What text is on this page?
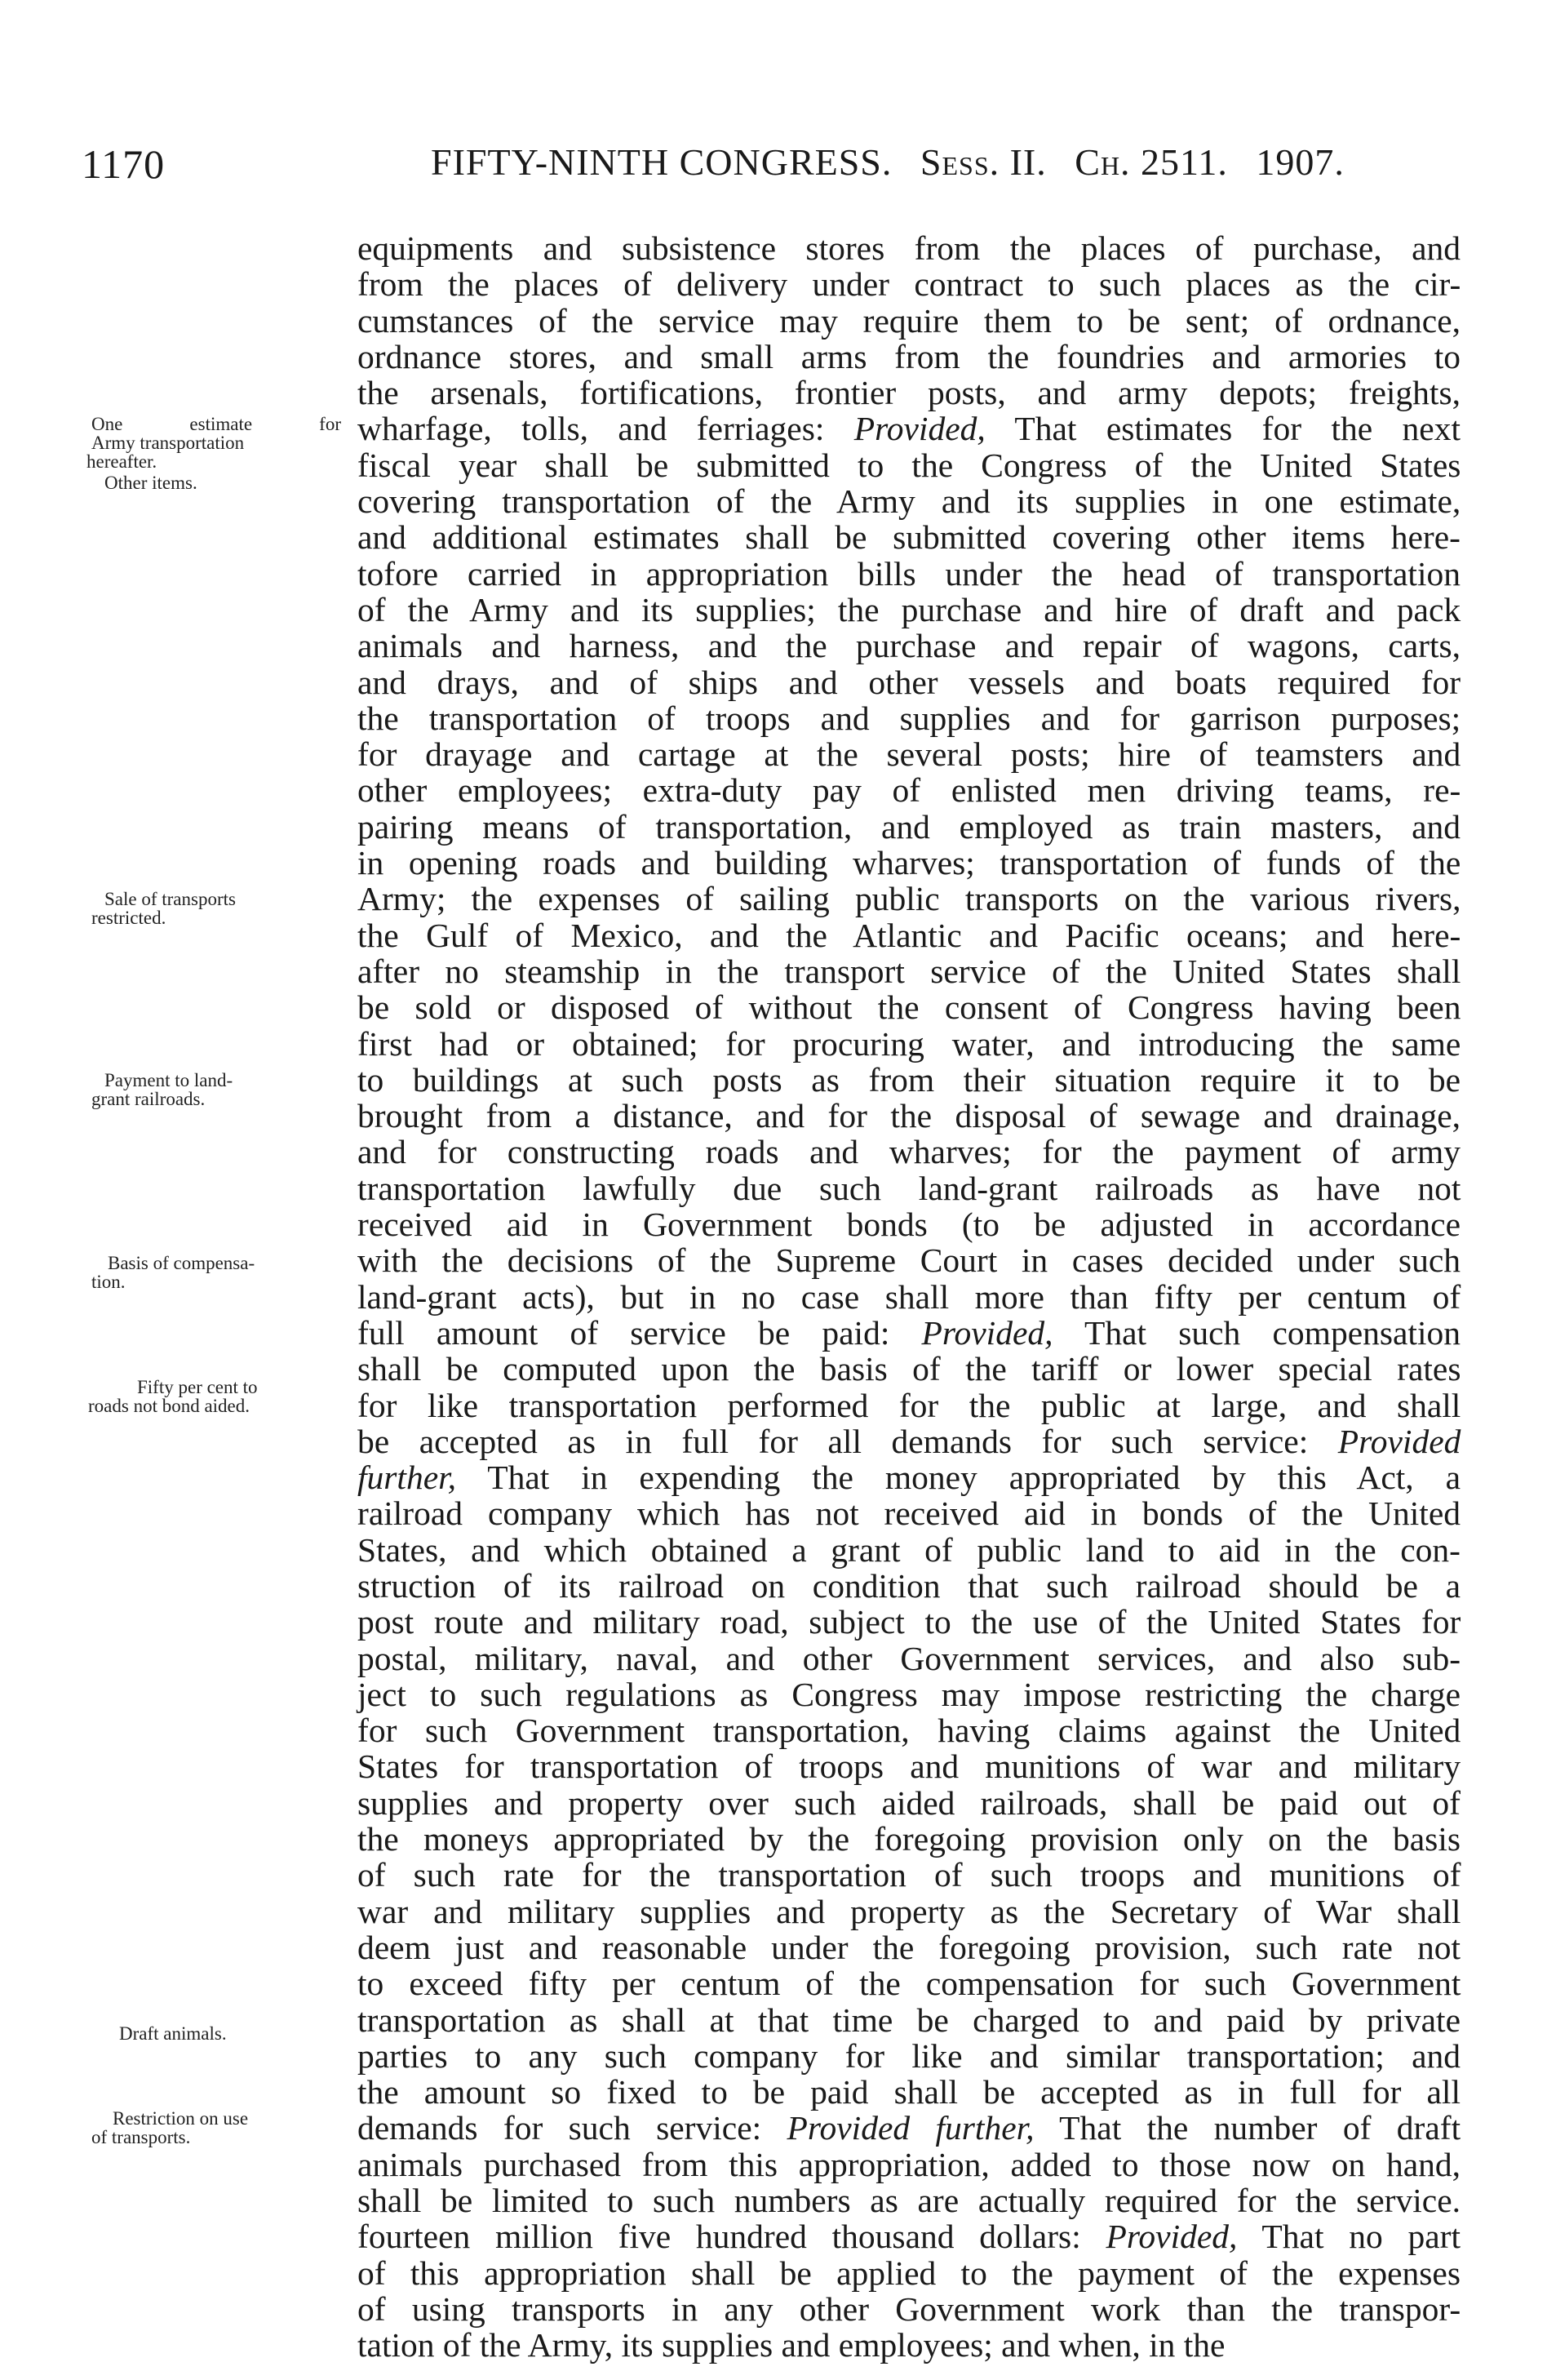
1170	FIFTY-NINTH CONGRESS. Sess. II. Ch. 2511. 1907.
One estimate for
Army transportation
hereafter.
Other items.
Sale of transports
restricted.
Payment to land-
grant railroads.
Basis of compensa-
tion.
Fifty per cent to
roads not bond aided.
Draft animals.
Restriction on use
of transports.
equipments and subsistence stores from the places of purchase, and
from the places of delivery under contract to such places as the cir-
cumstances of the service may require them to be sent; of ordnance,
ordnance stores, and small arms from the foundries and armories to
the arsenals, fortifications, frontier posts, and army depots; freights,
wharfage, tolls, and ferriages: Provided, That estimates for the next
fiscal year shall be submitted to the Congress of the United States
covering transportation of the Army and its supplies in one estimate,
and additional estimates shall be submitted covering other items here-
tofore carried in appropriation bills under the head of transportation
of the Army and its supplies; the purchase and hire of draft and pack
animals and harness, and the purchase and repair of wagons, carts,
and drays, and of ships and other vessels and boats required for
the transportation of troops and supplies and for garrison purposes;
for drayage and cartage at the several posts; hire of teamsters and
other employees; extra-duty pay of enlisted men driving teams, re-
pairing means of transportation, and employed as train masters, and
in opening roads and building wharves; transportation of funds of the
Army; the expenses of sailing public transports on the various rivers,
the Gulf of Mexico, and the Atlantic and Pacific oceans; and here-
after no steamship in the transport service of the United States shall
be sold or disposed of without the consent of Congress having been
first had or obtained; for procuring water, and introducing the same
to buildings at such posts as from their situation require it to be
brought from a distance, and for the disposal of sewage and drainage,
and for constructing roads and wharves; for the payment of army
transportation lawfully due such land-grant railroads as have not
received aid in Government bonds (to be adjusted in accordance
with the decisions of the Supreme Court in cases decided under such
land-grant acts), but in no case shall more than fifty per centum of
full amount of service be paid: Provided, That such compensation
shall be computed upon the basis of the tariff or lower special rates
for like transportation performed for the public at large, and shall
be accepted as in full for all demands for such service: Provided
further, That in expending the money appropriated by this Act, a
railroad company which has not received aid in bonds of the United
States, and which obtained a grant of public land to aid in the con-
struction of its railroad on condition that such railroad should be a
post route and military road, subject to the use of the United States for
postal, military, naval, and other Government services, and also sub-
ject to such regulations as Congress may impose restricting the charge
for such Government transportation, having claims against the United
States for transportation of troops and munitions of war and military
supplies and property over such aided railroads, shall be paid out of
the moneys appropriated by the foregoing provision only on the basis
of such rate for the transportation of such troops and munitions of
war and military supplies and property as the Secretary of War shall
deem just and reasonable under the foregoing provision, such rate not
to exceed fifty per centum of the compensation for such Government
transportation as shall at that time be charged to and paid by private
parties to any such company for like and similar transportation; and
the amount so fixed to be paid shall be accepted as in full for all
demands for such service: Provided further, That the number of draft
animals purchased from this appropriation, added to those now on hand,
shall be limited to such numbers as are actually required for the service.
fourteen million five hundred thousand dollars: Provided, That no part
of this appropriation shall be applied to the payment of the expenses
of using transports in any other Government work than the transpor-
tation of the Army, its supplies and employees; and when, in the
